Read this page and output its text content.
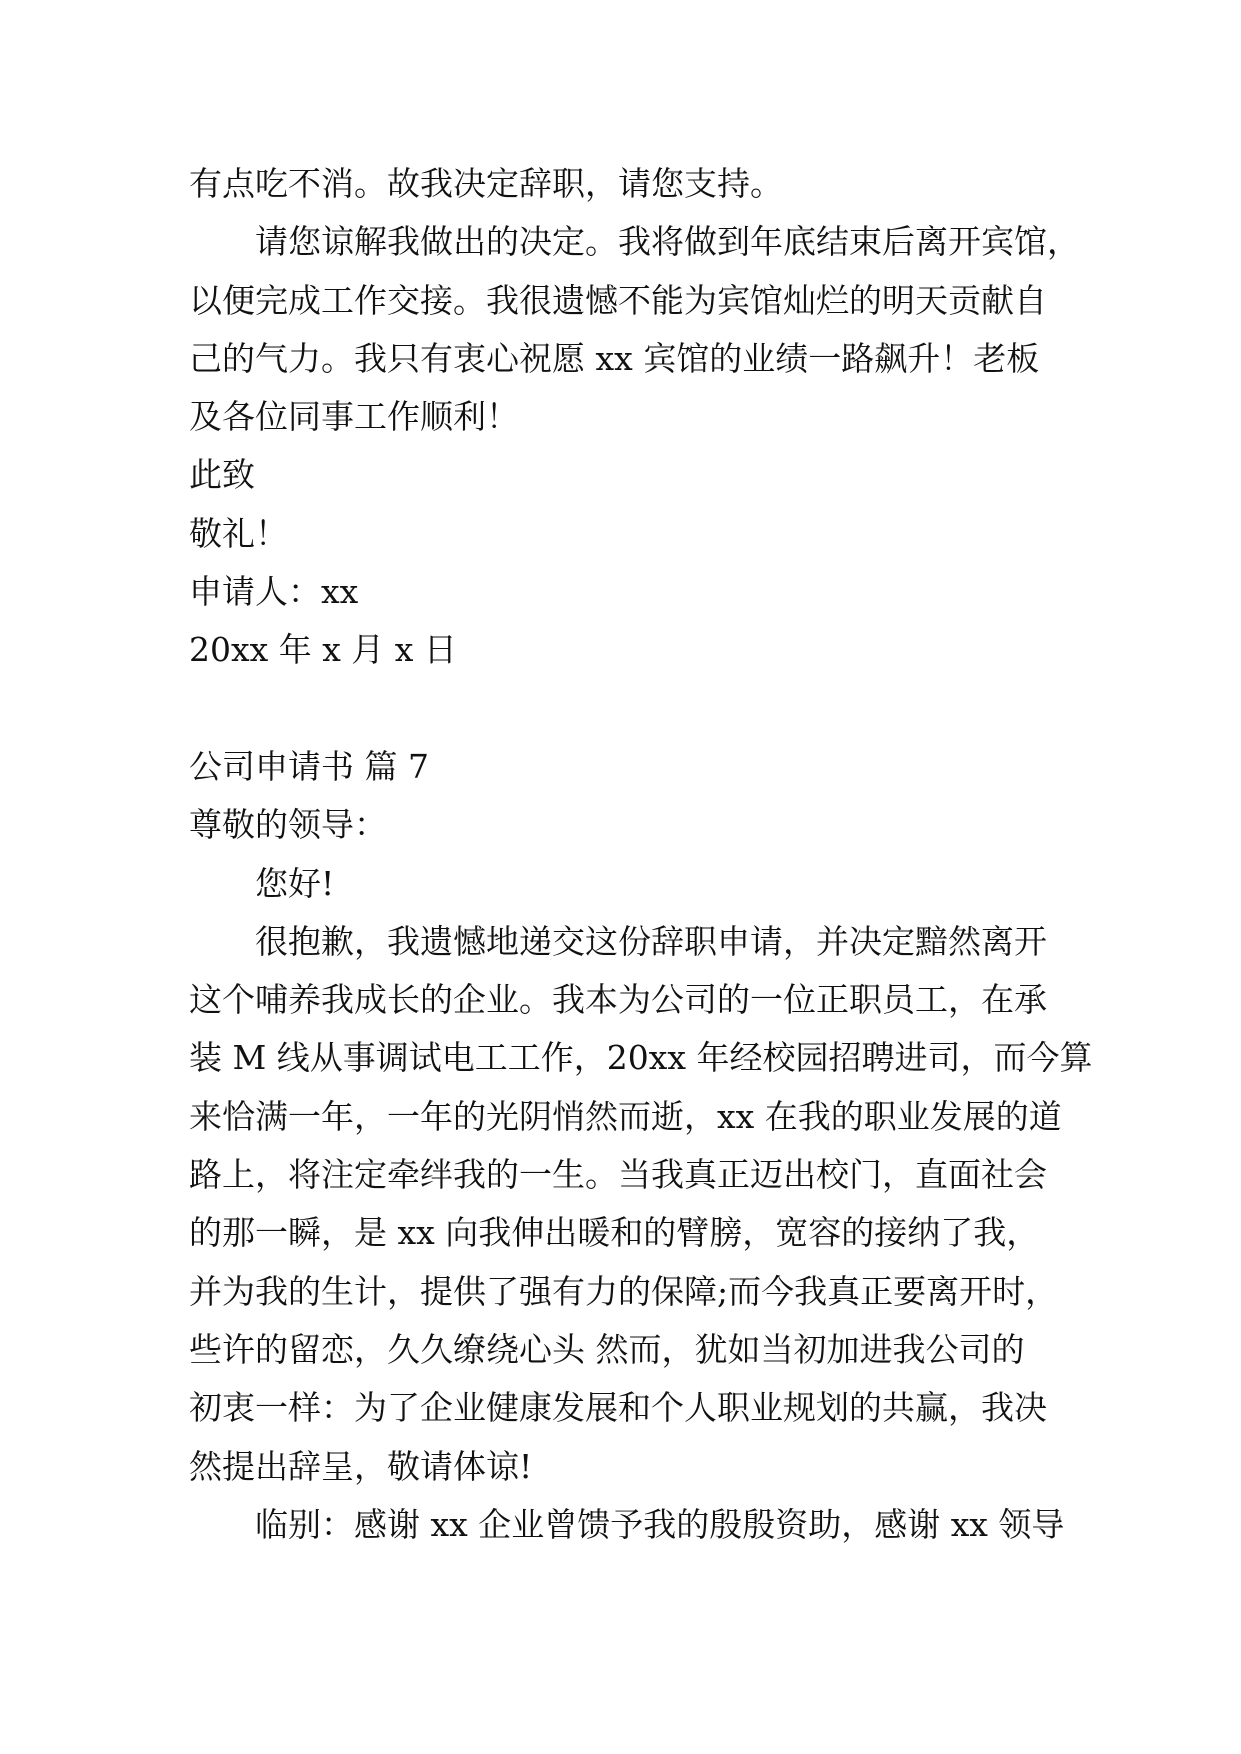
有点吃不消。故我决定辞职，请您支持。
请您谅解我做出的决定。我将做到年底结束后离开宾馆，
以便完成工作交接。我很遗憾不能为宾馆灿烂的明天贡献自
己的气力。我只有衷心祝愿 xx 宾馆的业绩一路飙升！老板
及各位同事工作顺利！
此致
敬礼！
申请人：xx
20xx 年 x 月 x 日
公司申请书 篇 7
尊敬的领导：
您好!
很抱歉，我遗憾地递交这份辞职申请，并决定黯然离开
这个哺养我成长的企业。我本为公司的一位正职员工，在承
装 M 线从事调试电工工作，20xx 年经校园招聘进司，而今算
来恰满一年，一年的光阴悄然而逝，xx 在我的职业发展的道
路上，将注定牵绊我的一生。当我真正迈出校门，直面社会
的那一瞬，是 xx 向我伸出暖和的臂膀，宽容的接纳了我，
并为我的生计，提供了强有力的保障;而今我真正要离开时，
些许的留恋，久久缭绕心头 然而，犹如当初加进我公司的
初衷一样：为了企业健康发展和个人职业规划的共赢，我决
然提出辞呈，敬请体谅!
临别：感谢 xx 企业曾馈予我的殷殷资助，感谢 xx 领导
